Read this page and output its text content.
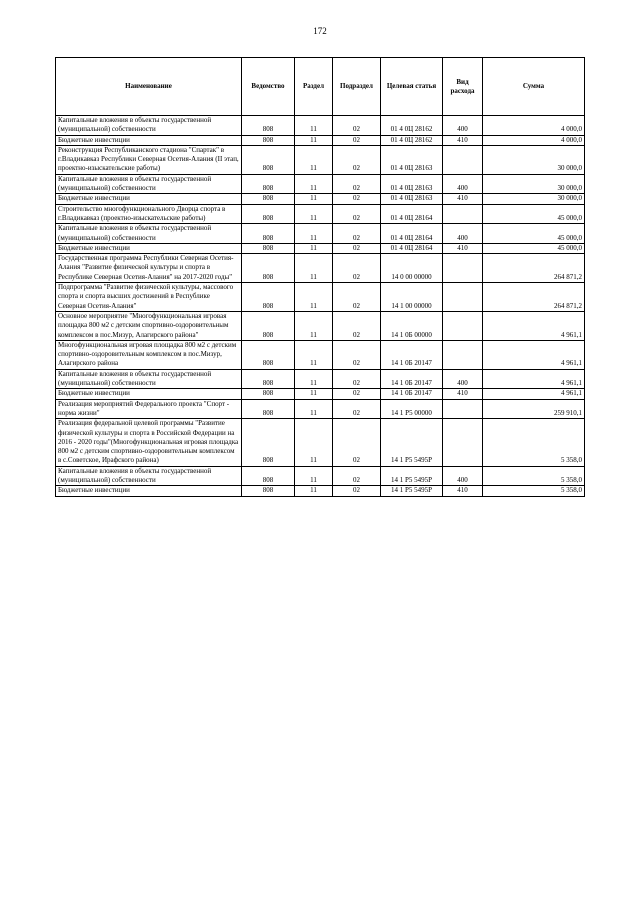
172
Наименование	Ведомство	Раздел	Подраздел	Целевая статья	Вид расхода	Сумма
Капитальные вложения в объекты государственной (муниципальной) собственности	808	11	02	01 4 0Ц 28162	400	4 000,0
Бюджетные инвестиции	808	11	02	01 4 0Ц 28162	410	4 000,0
Реконструкция Республиканского стадиона "Спартак" в г.Владикавказ Республики Северная Осетия-Алания (II этап, проектно-изыскательские работы)	808	11	02	01 4 0Ц 28163		30 000,0
Капитальные вложения в объекты государственной (муниципальной) собственности	808	11	02	01 4 0Ц 28163	400	30 000,0
Бюджетные инвестиции	808	11	02	01 4 0Ц 28163	410	30 000,0
Строительство многофункционального Дворца спорта в г.Владикавказ (проектно-изыскательские работы)	808	11	02	01 4 0Ц 28164		45 000,0
Капитальные вложения в объекты государственной (муниципальной) собственности	808	11	02	01 4 0Ц 28164	400	45 000,0
Бюджетные инвестиции	808	11	02	01 4 0Ц 28164	410	45 000,0
Государственная программа Республики Северная Осетия-Алания "Развитие физической культуры и спорта в Республике Северная Осетия-Алания" на 2017-2020 годы"	808	11	02	14 0 00 00000		264 871,2
Подпрограмма "Развитие физической культуры, массового спорта и спорта высших достижений в Республике Северная Осетия-Алания"	808	11	02	14 1 00 00000		264 871,2
Основное мероприятие "Многофункциональная игровая площадка 800 м2 с детским спортивно-оздоровительным комплексом в пос.Мизур, Алагирского района"	808	11	02	14 1 0Б 00000		4 961,1
Многофункциональная игровая площадка 800 м2 с детским спортивно-оздоровительным комплексом в пос.Мизур, Алагирского района	808	11	02	14 1 0Б 20147		4 961,1
Капитальные вложения в объекты государственной (муниципальной) собственности	808	11	02	14 1 0Б 20147	400	4 961,1
Бюджетные инвестиции	808	11	02	14 1 0Б 20147	410	4 961,1
Реализация мероприятий Федерального проекта "Спорт - норма жизни"	808	11	02	14 1 P5 00000		259 910,1
Реализация федеральной целевой программы "Развитие физической культуры и спорта в Российской Федерации на 2016 - 2020 годы"(Многофункциональная игровая площадка 800 м2 с детским спортивно-оздоровительным комплексом в с.Советское, Ирафского района)	808	11	02	14 1 P5 5495P		5 358,0
Капитальные вложения в объекты государственной (муниципальной) собственности	808	11	02	14 1 P5 5495P	400	5 358,0
Бюджетные инвестиции	808	11	02	14 1 P5 5495P	410	5 358,0
